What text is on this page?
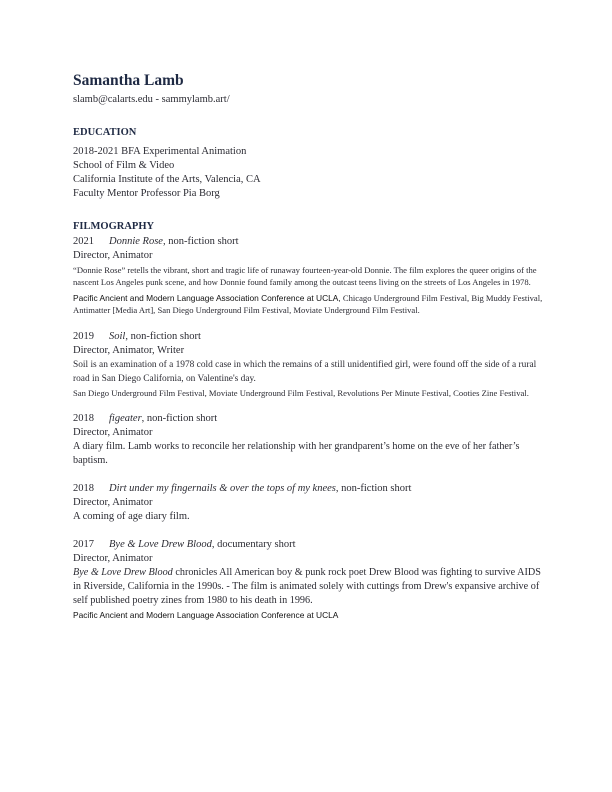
Samantha Lamb
slamb@calarts.edu - sammylamb.art/
EDUCATION
2018-2021 BFA Experimental Animation
School of Film & Video
California Institute of the Arts, Valencia, CA
Faculty Mentor Professor Pia Borg
FILMOGRAPHY
2021 Donnie Rose, non-fiction short
Director, Animator
“Donnie Rose” retells the vibrant, short and tragic life of runaway fourteen-year-old Donnie. The film explores the queer origins of the nascent Los Angeles punk scene, and how Donnie found family among the outcast teens living on the streets of Los Angeles in 1978.
Pacific Ancient and Modern Language Association Conference at UCLA, Chicago Underground Film Festival, Big Muddy Festival, Antimatter [Media Art], San Diego Underground Film Festival, Moviate Underground Film Festival.
2019 Soil, non-fiction short
Director, Animator, Writer
Soil is an examination of a 1978 cold case in which the remains of a still unidentified girl, were found off the side of a rural road in San Diego California, on Valentine's day.
San Diego Underground Film Festival, Moviate Underground Film Festival, Revolutions Per Minute Festival, Cooties Zine Festival.
2018 figeater, non-fiction short
Director, Animator
A diary film. Lamb works to reconcile her relationship with her grandparent’s home on the eve of her father’s baptism.
2018 Dirt under my fingernails & over the tops of my knees, non-fiction short
Director, Animator
A coming of age diary film.
2017 Bye & Love Drew Blood, documentary short
Director, Animator
Bye & Love Drew Blood chronicles All American boy & punk rock poet Drew Blood was fighting to survive AIDS in Riverside, California in the 1990s. - The film is animated solely with cuttings from Drew's expansive archive of self published poetry zines from 1980 to his death in 1996.
Pacific Ancient and Modern Language Association Conference at UCLA
